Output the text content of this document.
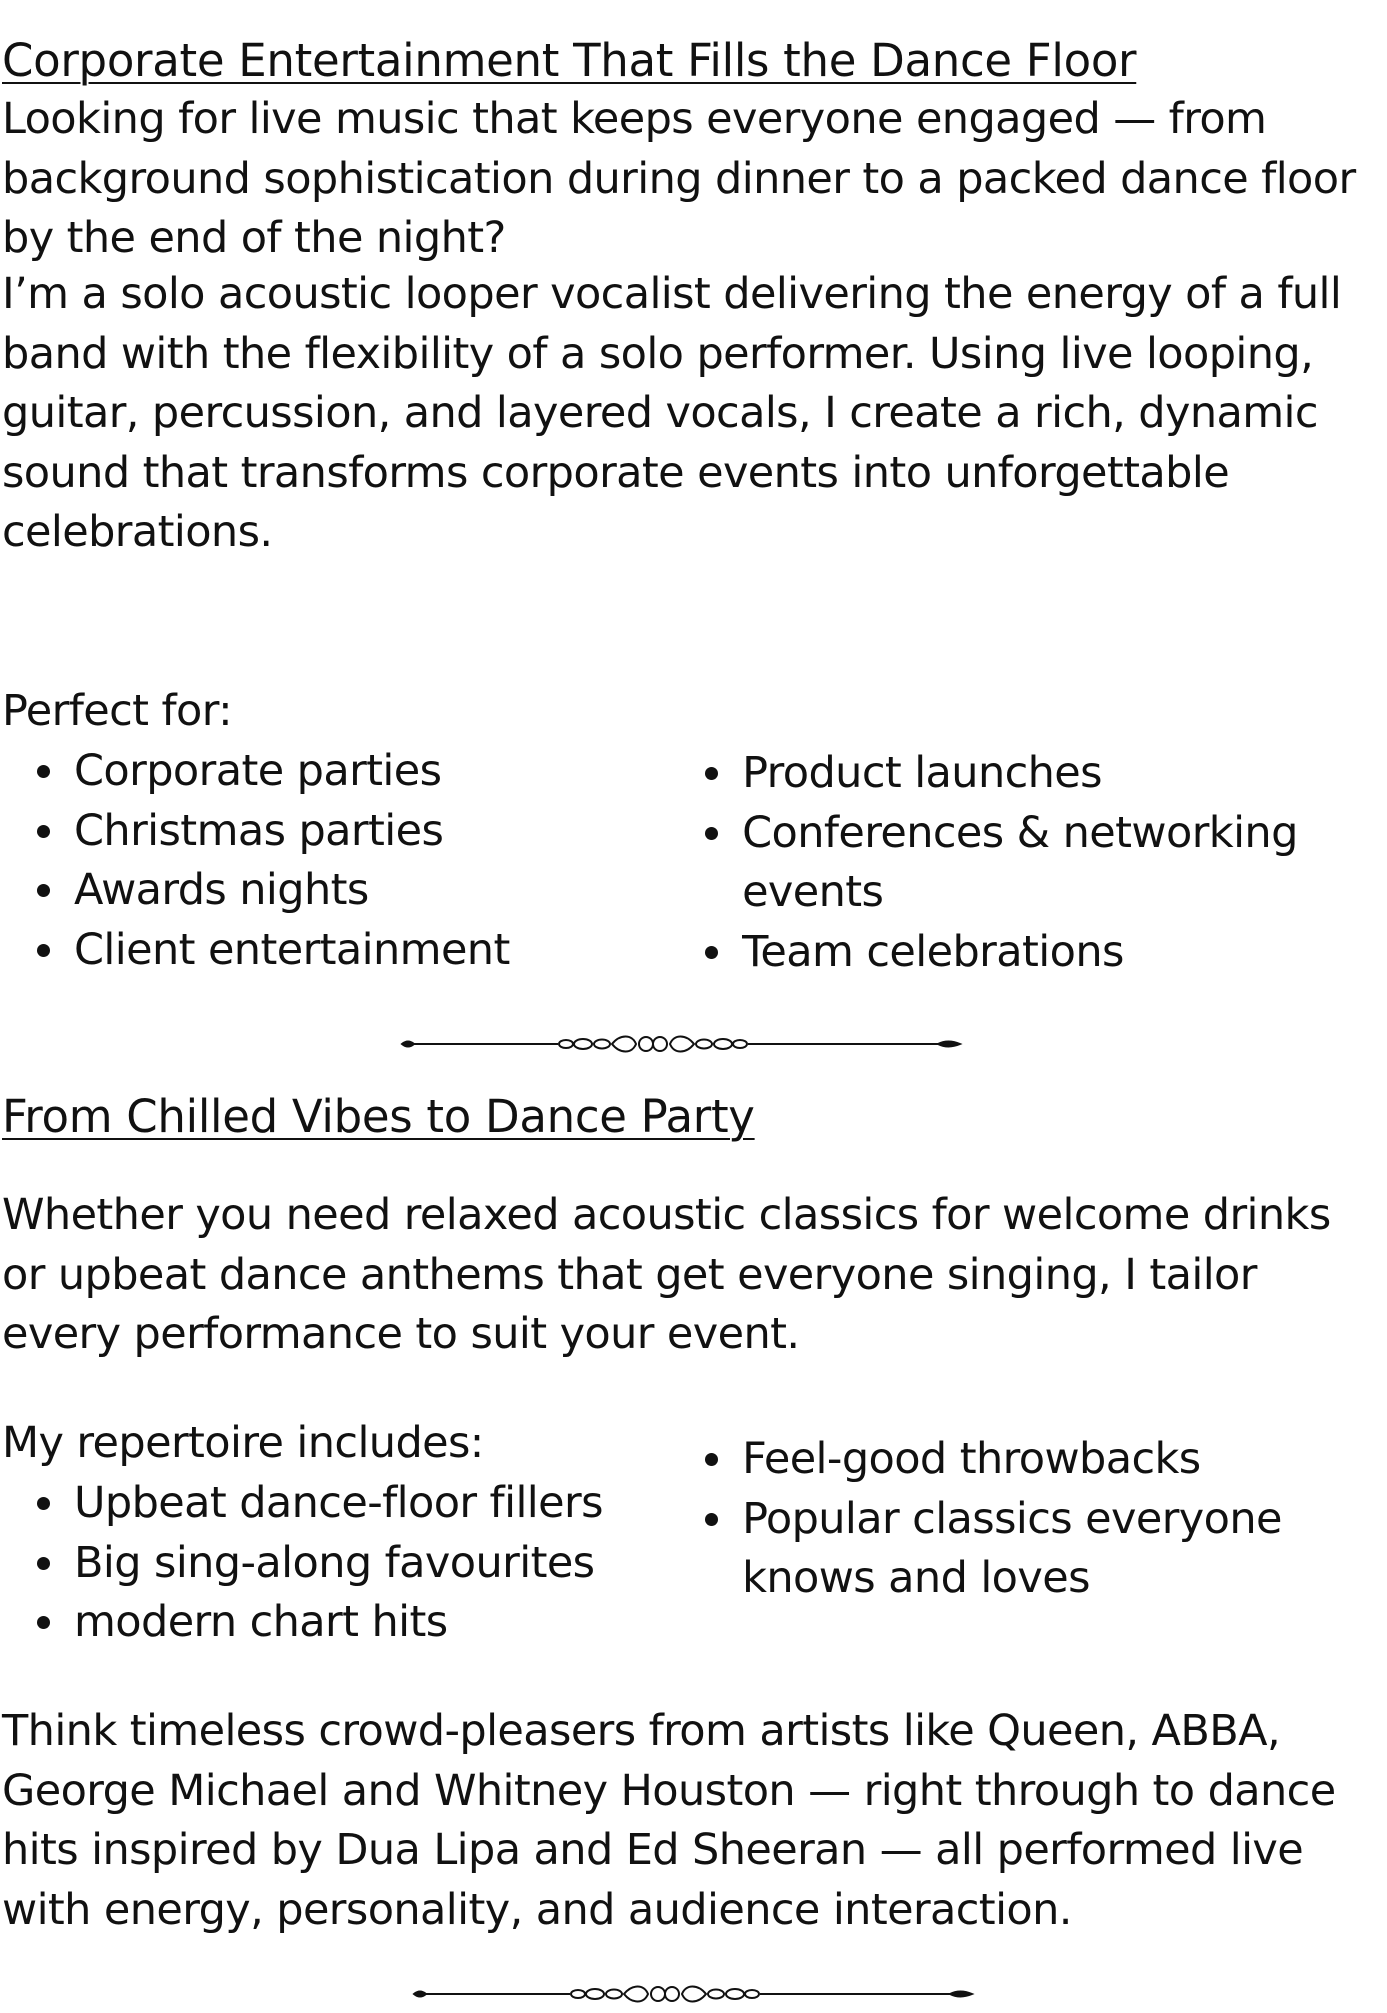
Corporate Entertainment That Fills the Dance Floor

Looking for live music that keeps everyone engaged — from background sophistication during dinner to a packed dance floor by the end of the night?

I’m a solo acoustic looper vocalist delivering the energy of a full band with the flexibility of a solo performer. Using live looping, guitar, percussion, and layered vocals, I create a rich, dynamic sound that transforms corporate events into unforgettable celebrations.

Perfect for:

Corporate parties
Christmas parties
Awards nights
Client entertainment
Product launches
Conferences & networking events
Team celebrations
From Chilled Vibes to Dance Party

Whether you need relaxed acoustic classics for welcome drinks or upbeat dance anthems that get everyone singing, I tailor every performance to suit your event.

My repertoire includes:

Upbeat dance-floor fillers
Big sing-along favourites
modern chart hits
Feel-good throwbacks
Popular classics everyone knows and loves

Think timeless crowd-pleasers from artists like Queen, ABBA, George Michael and Whitney Houston — right through to dance hits inspired by Dua Lipa and Ed Sheeran — all performed live with energy, personality, and audience interaction.
